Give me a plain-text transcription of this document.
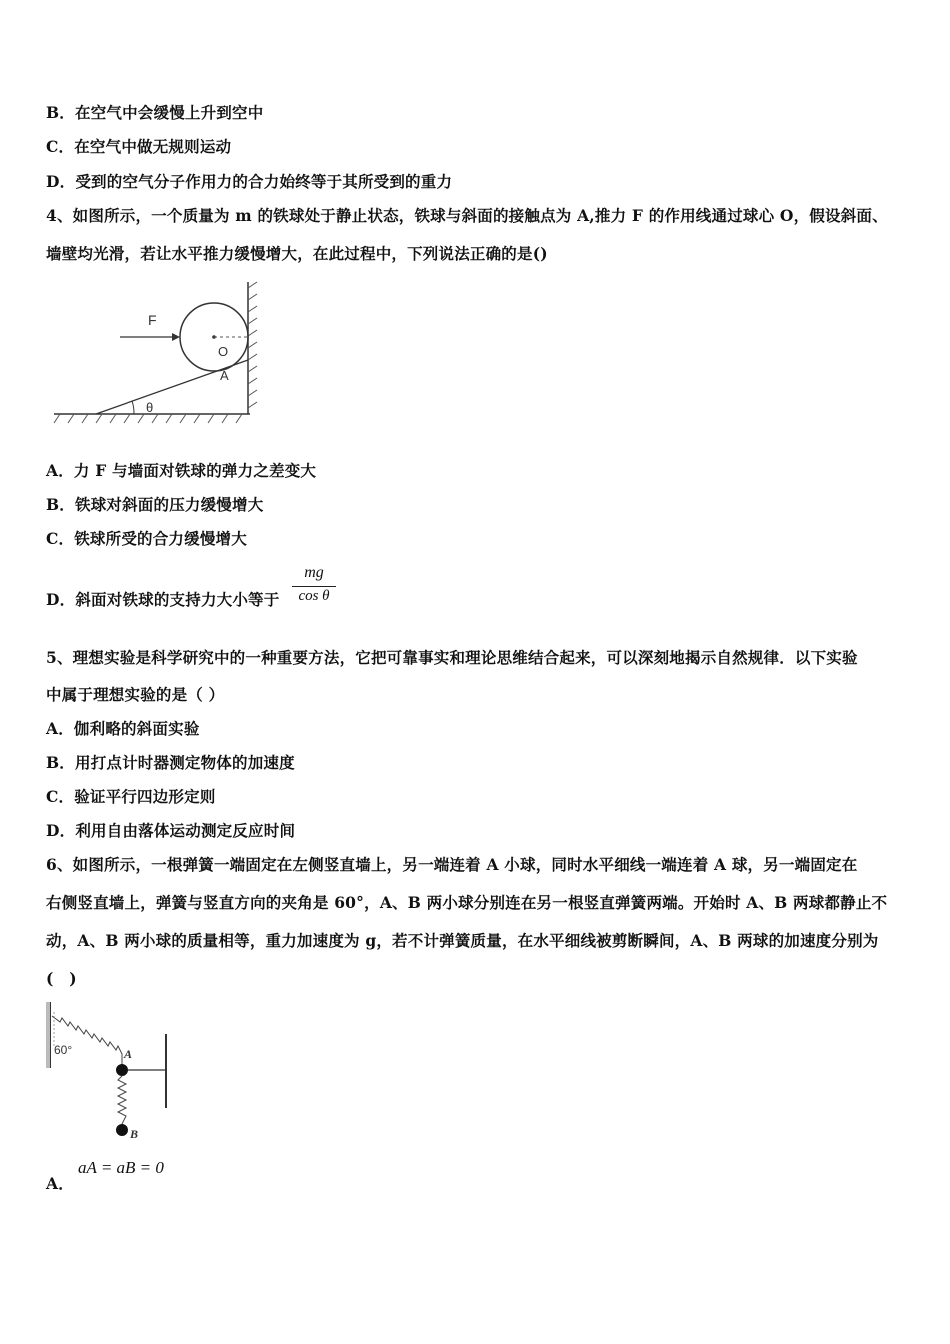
B．在空气中会缓慢上升到空中
C．在空气中做无规则运动
D．受到的空气分子作用力的合力始终等于其所受到的重力
4、如图所示，一个质量为 m 的铁球处于静止状态，铁球与斜面的接触点为 A,推力 F 的作用线通过球心 O，假设斜面、
墙壁均光滑，若让水平推力缓慢增大，在此过程中，下列说法正确的是()
F
O
A
θ
A．力 F 与墙面对铁球的弹力之差变大
B．铁球对斜面的压力缓慢增大
C．铁球所受的合力缓慢增大
D．斜面对铁球的支持力大小等于
mg
cos θ
5、理想实验是科学研究中的一种重要方法，它把可靠事实和理论思维结合起来，可以深刻地揭示自然规律．以下实验
中属于理想实验的是（ ）
A．伽利略的斜面实验
B．用打点计时器测定物体的加速度
C．验证平行四边形定则
D．利用自由落体运动测定反应时间
6、如图所示，一根弹簧一端固定在左侧竖直墙上，另一端连着 A 小球，同时水平细线一端连着 A 球，另一端固定在
右侧竖直墙上，弹簧与竖直方向的夹角是 60°，A、B 两小球分别连在另一根竖直弹簧两端。开始时 A、B 两球都静止不
动，A、B 两小球的质量相等，重力加速度为 g，若不计弹簧质量，在水平细线被剪断瞬间，A、B 两球的加速度分别为
(　)
60°	A
B
A．
aA = aB = 0
